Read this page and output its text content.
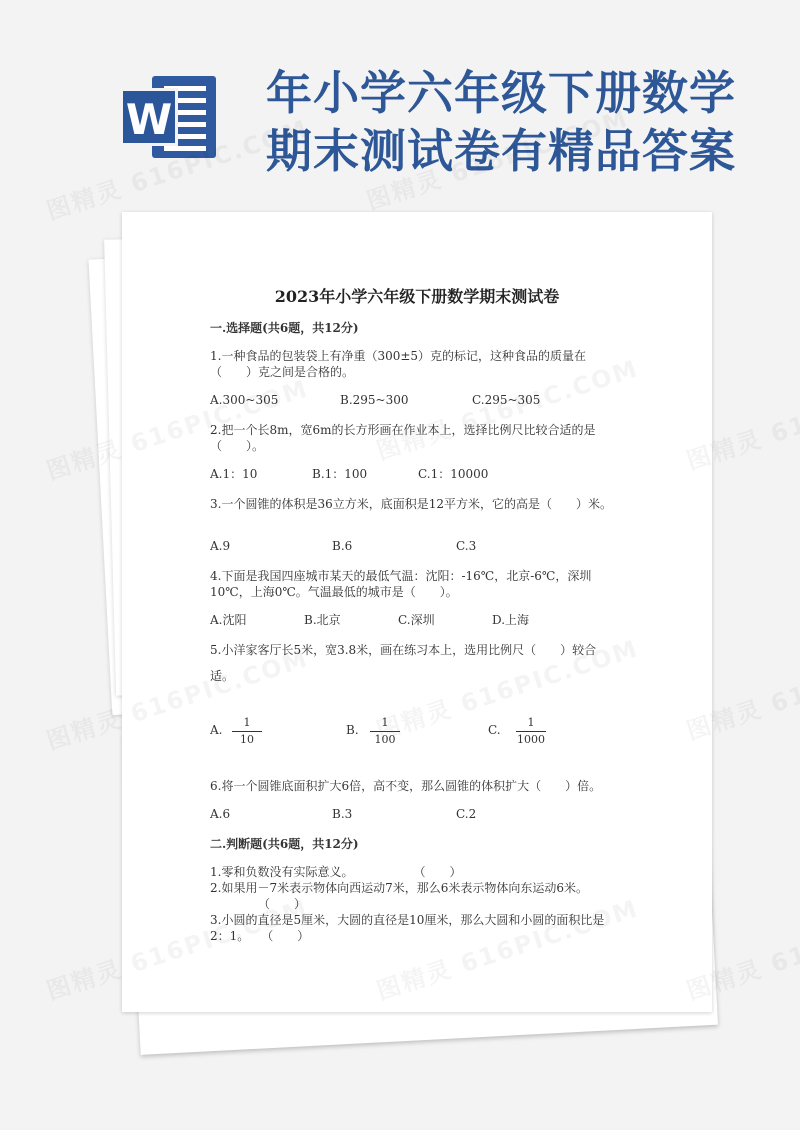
W 年小学六年级下册数学
期末测试卷有精品答案
2023年小学六年级下册数学期末测试卷
一.选择题(共6题，共12分)
1.一种食品的包装袋上有净重（300±5）克的标记，这种食品的质量在
（　　）克之间是合格的。
A.300~305	B.295~300	C.295~305
2.把一个长8m，宽6m的长方形画在作业本上，选择比例尺比较合适的是
（　　）。
A.1：10	B.1：100	C.1：10000
3.一个圆锥的体积是36立方米，底面积是12平方米，它的高是（　　）米。
A.9	B.6	C.3
4.下面是我国四座城市某天的最低气温：沈阳：-16℃，北京-6℃，深圳
10℃，上海0℃。气温最低的城市是（　　）。
A.沈阳	B.北京	C.深圳	D.上海
5.小洋家客厅长5米，宽3.8米，画在练习本上，选用比例尺（　　）较合
适。
A.
1
10
B.
1
100
C.
1
1000
6.将一个圆锥底面积扩大6倍，高不变，那么圆锥的体积扩大（　　）倍。
A.6	B.3	C.2
二.判断题(共6题，共12分)
1.零和负数没有实际意义。　　　　　　（　　）
2.如果用－7米表示物体向西运动7米，那么6米表示物体向东运动6米。
（　　）
3.小圆的直径是5厘米，大圆的直径是10厘米，那么大圆和小圆的面积比是
2：1。　　（　　）
